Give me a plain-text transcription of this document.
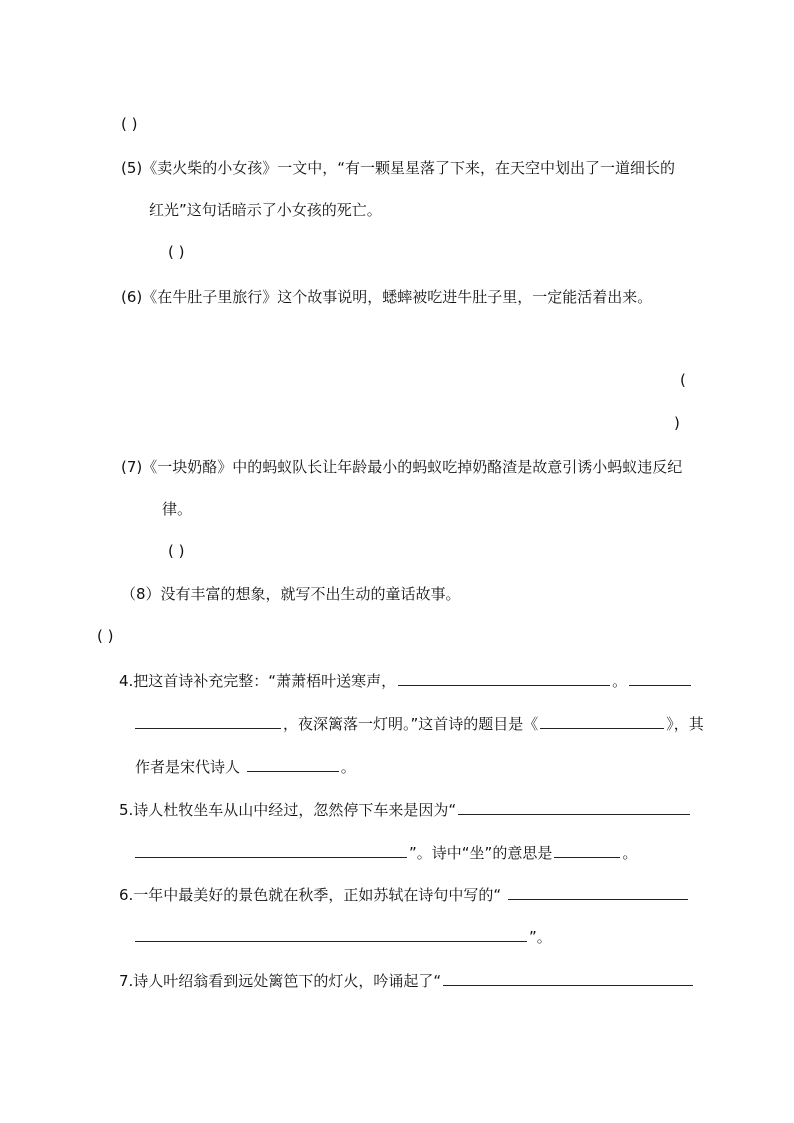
( )
(5)《卖火柴的小女孩》一文中，“有一颗星星落了下来，在天空中划出了一道细长的
红光”这句话暗示了小女孩的死亡。
( )
(6)《在牛肚子里旅行》这个故事说明，蟋蟀被吃进牛肚子里，一定能活着出来。
(
)
(7)《一块奶酪》中的蚂蚁队长让年龄最小的蚂蚁吃掉奶酪渣是故意引诱小蚂蚁违反纪
律。
( )
（8）没有丰富的想象，就写不出生动的童话故事。
( )
4.把这首诗补充完整：“萧萧梧叶送寒声，	。
，夜深篱落一灯明。”这首诗的题目是《	》，其
作者是宋代诗人	。
5.诗人杜牧坐车从山中经过，忽然停下车来是因为“
”。诗中“坐”的意思是	。
6.一年中最美好的景色就在秋季，正如苏轼在诗句中写的“
”。
7.诗人叶绍翁看到远处篱笆下的灯火，吟诵起了“
